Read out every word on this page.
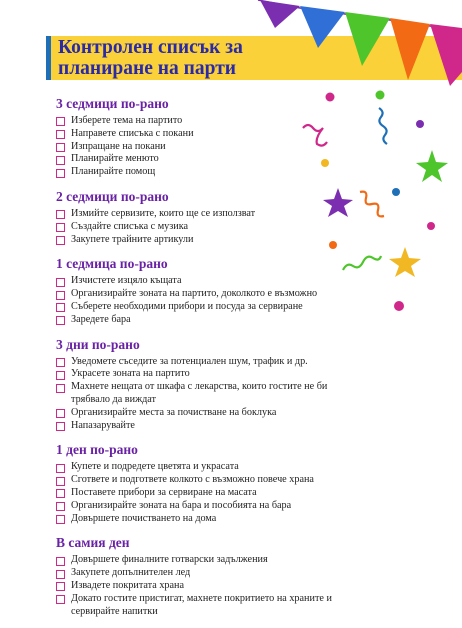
Контролен списък за планиране на парти
3 седмици по-рано
Изберете тема на партито
Направете списъка с покани
Изпращане на покани
Планирайте менюто
Планирайте помощ
2 седмици по-рано
Измийте сервизите, които ще се използват
Създайте списъка с музика
Закупете трайните артикули
1 седмица по-рано
Изчистете изцяло къщата
Организирайте зоната на партито, доколкото е възможно
Съберете необходими прибори и посуда за сервиране
Заредете бара
3 дни по-рано
Уведомете съседите за потенциален шум, трафик и др.
Украсете зоната на партито
Махнете нещата от шкафа с лекарства, които гостите не би трябвало да виждат
Организирайте места за почистване на боклука
Напазарувайте
1 ден по-рано
Купете и подредете цветята и украсата
Сгответе и подгответе колкото с възможно повече храна
Поставете прибори за сервиране на масата
Организирайте зоната на бара и пособията на бара
Довършете почистването на дома
В самия ден
Довършете финалните готварски задължения
Закупете допълнителен лед
Извадете покритата храна
Докато гостите пристигат, махнете покритието на храните и сервирайте напитки
